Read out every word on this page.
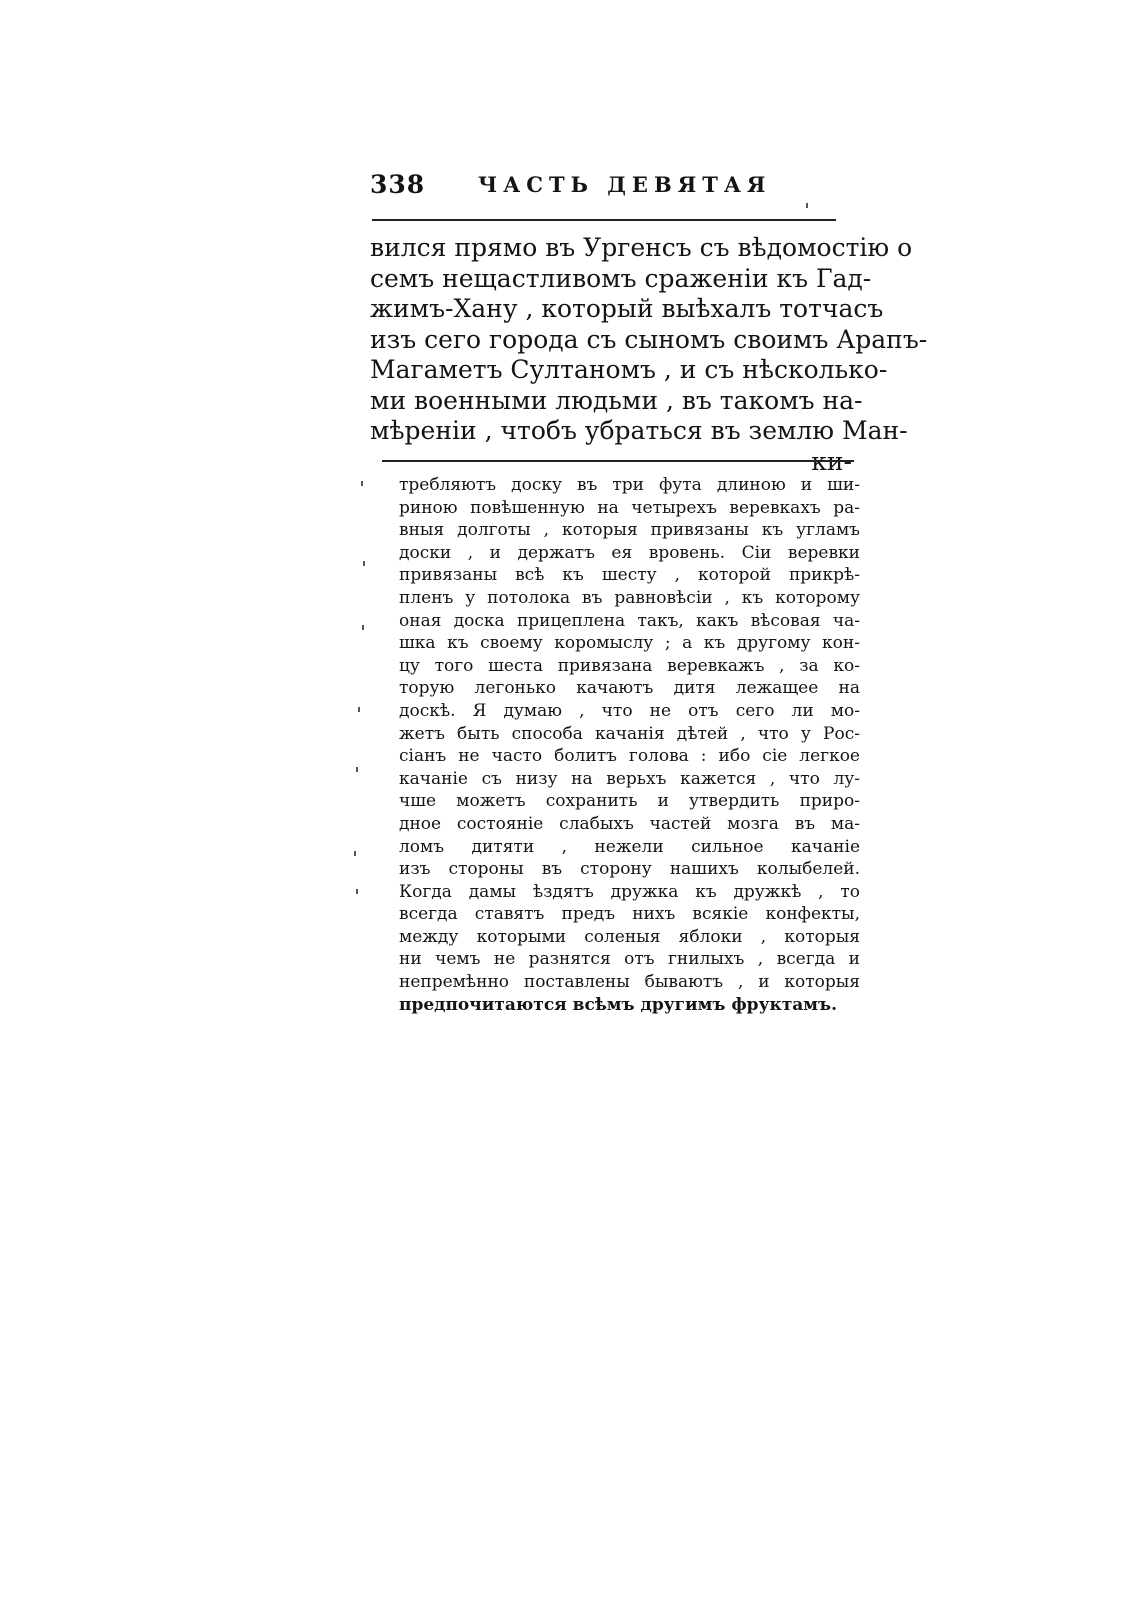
338	ЧАСТЬ ДЕВЯТАЯ
вился прямо въ Ургенсъ съ вѣдомостію о
семъ нещастливомъ сраженіи къ Гад-
жимъ-Хану , который выѣхалъ тотчасъ
изъ сего города съ сыномъ своимъ Арапъ-
Магаметъ Султаномъ , и съ нѣсколько-
ми военными людьми , въ такомъ на-
мѣреніи , чтобъ убраться въ землю Ман-
ки-
требляютъ доску въ три фута длиною и ши-
риною повѣшенную на четырехъ веревкахъ ра-
вныя долготы , которыя привязаны къ угламъ
доски , и держатъ ея вровень. Сіи веревки
привязаны всѣ къ шесту , которой прикрѣ-
пленъ у потолока въ равновѣсіи , къ которому
оная доска прицеплена такъ, какъ вѣсовая ча-
шка къ своему коромыслу ; а къ другому кон-
цу того шеста привязана веревкажъ , за ко-
торую легонько качаютъ дитя лежащее на
доскѣ. Я думаю , что не отъ сего ли мо-
жетъ быть способа качанія дѣтей , что у Рос-
сіанъ не часто болитъ голова : ибо сіе легкое
качаніе съ низу на верьхъ кажется , что лу-
чше можетъ сохранить и утвердить приро-
дное состояніе слабыхъ частей мозга въ ма-
ломъ дитяти , нежели сильное качаніе
изъ стороны въ сторону нашихъ колыбелей.
Когда дамы ѣздятъ дружка къ дружкѣ , то
всегда ставятъ предъ нихъ всякіе конфекты,
между которыми соленыя яблоки , которыя
ни чемъ не разнятся отъ гнилыхъ , всегда и
непремѣнно поставлены бываютъ , и которыя
предпочитаются всѣмъ другимъ фруктамъ.
